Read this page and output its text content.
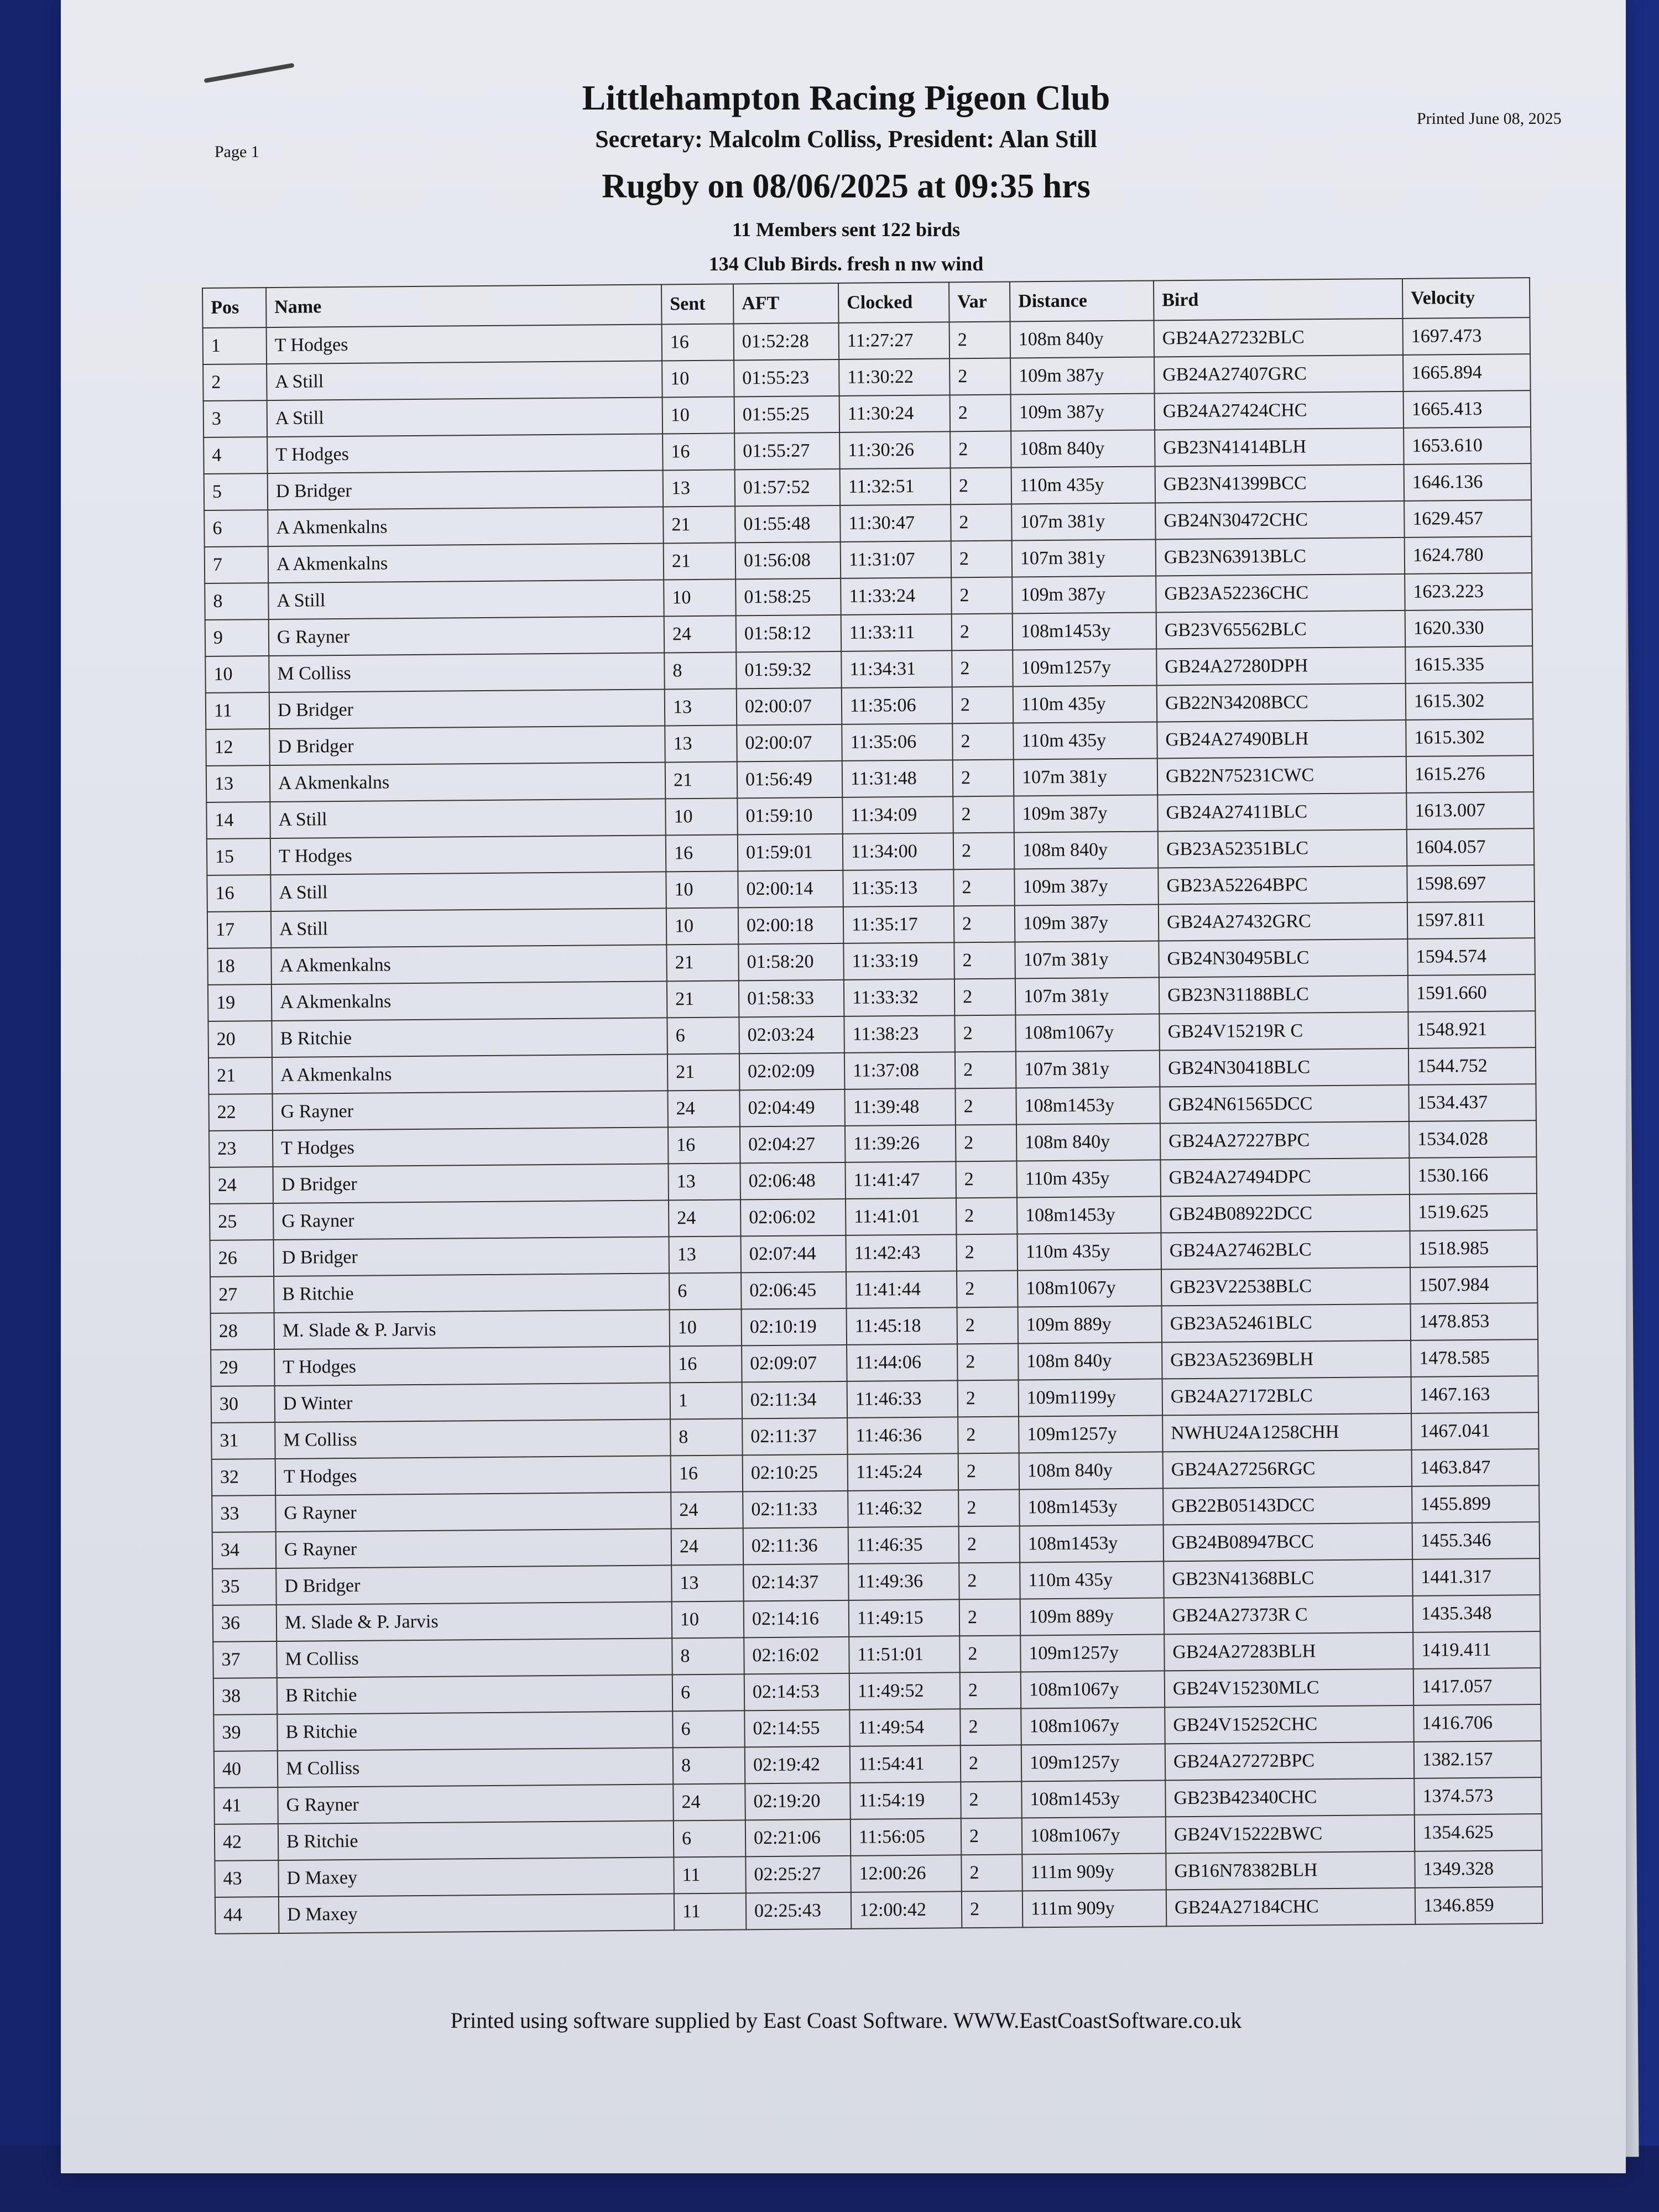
Page 1
Printed June 08, 2025
Littlehampton Racing Pigeon Club
Secretary: Malcolm Colliss, President: Alan Still
Rugby on 08/06/2025 at 09:35 hrs
11 Members sent 122 birds
134 Club Birds. fresh n nw wind
Pos	Name	Sent	AFT	Clocked	Var	Distance	Bird	Velocity
1	T Hodges	16	01:52:28	11:27:27	2	108m 840y	GB24A27232BLC	1697.473
2	A Still	10	01:55:23	11:30:22	2	109m 387y	GB24A27407GRC	1665.894
3	A Still	10	01:55:25	11:30:24	2	109m 387y	GB24A27424CHC	1665.413
4	T Hodges	16	01:55:27	11:30:26	2	108m 840y	GB23N41414BLH	1653.610
5	D Bridger	13	01:57:52	11:32:51	2	110m 435y	GB23N41399BCC	1646.136
6	A Akmenkalns	21	01:55:48	11:30:47	2	107m 381y	GB24N30472CHC	1629.457
7	A Akmenkalns	21	01:56:08	11:31:07	2	107m 381y	GB23N63913BLC	1624.780
8	A Still	10	01:58:25	11:33:24	2	109m 387y	GB23A52236CHC	1623.223
9	G Rayner	24	01:58:12	11:33:11	2	108m1453y	GB23V65562BLC	1620.330
10	M Colliss	8	01:59:32	11:34:31	2	109m1257y	GB24A27280DPH	1615.335
11	D Bridger	13	02:00:07	11:35:06	2	110m 435y	GB22N34208BCC	1615.302
12	D Bridger	13	02:00:07	11:35:06	2	110m 435y	GB24A27490BLH	1615.302
13	A Akmenkalns	21	01:56:49	11:31:48	2	107m 381y	GB22N75231CWC	1615.276
14	A Still	10	01:59:10	11:34:09	2	109m 387y	GB24A27411BLC	1613.007
15	T Hodges	16	01:59:01	11:34:00	2	108m 840y	GB23A52351BLC	1604.057
16	A Still	10	02:00:14	11:35:13	2	109m 387y	GB23A52264BPC	1598.697
17	A Still	10	02:00:18	11:35:17	2	109m 387y	GB24A27432GRC	1597.811
18	A Akmenkalns	21	01:58:20	11:33:19	2	107m 381y	GB24N30495BLC	1594.574
19	A Akmenkalns	21	01:58:33	11:33:32	2	107m 381y	GB23N31188BLC	1591.660
20	B Ritchie	6	02:03:24	11:38:23	2	108m1067y	GB24V15219R C	1548.921
21	A Akmenkalns	21	02:02:09	11:37:08	2	107m 381y	GB24N30418BLC	1544.752
22	G Rayner	24	02:04:49	11:39:48	2	108m1453y	GB24N61565DCC	1534.437
23	T Hodges	16	02:04:27	11:39:26	2	108m 840y	GB24A27227BPC	1534.028
24	D Bridger	13	02:06:48	11:41:47	2	110m 435y	GB24A27494DPC	1530.166
25	G Rayner	24	02:06:02	11:41:01	2	108m1453y	GB24B08922DCC	1519.625
26	D Bridger	13	02:07:44	11:42:43	2	110m 435y	GB24A27462BLC	1518.985
27	B Ritchie	6	02:06:45	11:41:44	2	108m1067y	GB23V22538BLC	1507.984
28	M. Slade & P. Jarvis	10	02:10:19	11:45:18	2	109m 889y	GB23A52461BLC	1478.853
29	T Hodges	16	02:09:07	11:44:06	2	108m 840y	GB23A52369BLH	1478.585
30	D Winter	1	02:11:34	11:46:33	2	109m1199y	GB24A27172BLC	1467.163
31	M Colliss	8	02:11:37	11:46:36	2	109m1257y	NWHU24A1258CHH	1467.041
32	T Hodges	16	02:10:25	11:45:24	2	108m 840y	GB24A27256RGC	1463.847
33	G Rayner	24	02:11:33	11:46:32	2	108m1453y	GB22B05143DCC	1455.899
34	G Rayner	24	02:11:36	11:46:35	2	108m1453y	GB24B08947BCC	1455.346
35	D Bridger	13	02:14:37	11:49:36	2	110m 435y	GB23N41368BLC	1441.317
36	M. Slade & P. Jarvis	10	02:14:16	11:49:15	2	109m 889y	GB24A27373R C	1435.348
37	M Colliss	8	02:16:02	11:51:01	2	109m1257y	GB24A27283BLH	1419.411
38	B Ritchie	6	02:14:53	11:49:52	2	108m1067y	GB24V15230MLC	1417.057
39	B Ritchie	6	02:14:55	11:49:54	2	108m1067y	GB24V15252CHC	1416.706
40	M Colliss	8	02:19:42	11:54:41	2	109m1257y	GB24A27272BPC	1382.157
41	G Rayner	24	02:19:20	11:54:19	2	108m1453y	GB23B42340CHC	1374.573
42	B Ritchie	6	02:21:06	11:56:05	2	108m1067y	GB24V15222BWC	1354.625
43	D Maxey	11	02:25:27	12:00:26	2	111m 909y	GB16N78382BLH	1349.328
44	D Maxey	11	02:25:43	12:00:42	2	111m 909y	GB24A27184CHC	1346.859
Printed using software supplied by East Coast Software. WWW.EastCoastSoftware.co.uk
